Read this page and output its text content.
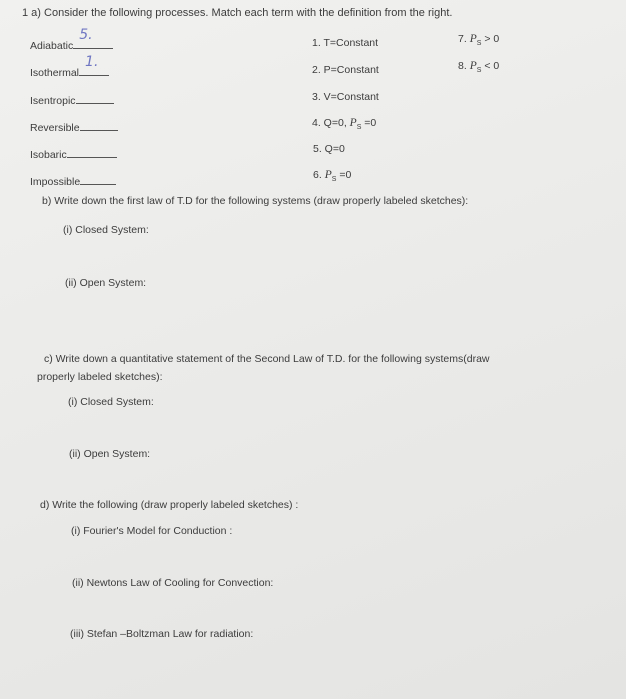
1 a) Consider the following processes. Match each term with the definition from the right.
Adiabatic
5.
Isothermal
1.
Isentropic
Reversible
Isobaric
Impossible
1. T=Constant
2. P=Constant
3. V=Constant
4. Q=0, $P_S =0$
5. Q=0
6. $P_S =0$
7. $P_S > 0$
8. $P_S < 0$
b) Write down the first law of T.D for the following systems (draw properly labeled sketches):
(i) Closed System:
(ii) Open System:
c) Write down a quantitative statement of the Second Law of T.D. for the following systems(draw
properly labeled sketches):
(i) Closed System:
(ii) Open System:
d) Write the following (draw properly labeled sketches) :
(i) Fourier's Model for Conduction :
(ii) Newtons Law of Cooling for Convection:
(iii) Stefan –Boltzman Law for radiation:
